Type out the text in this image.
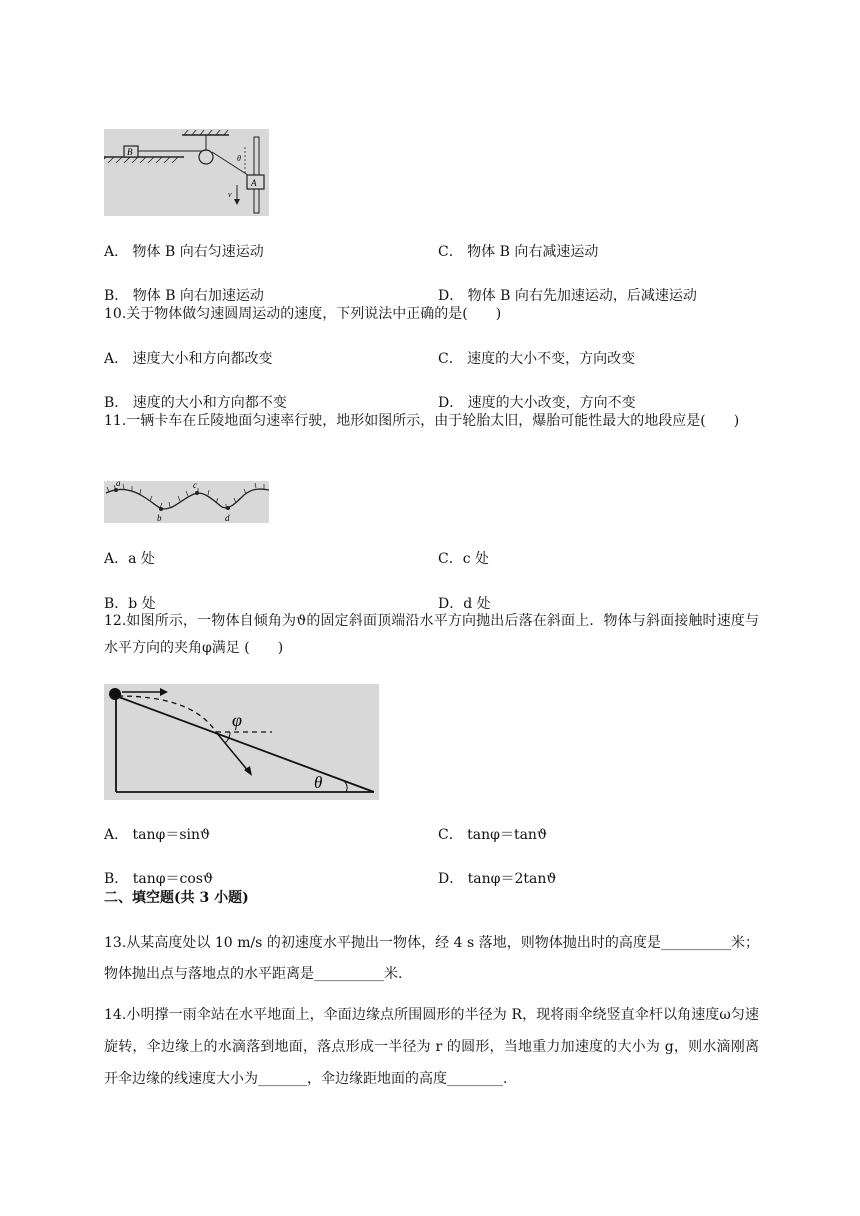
B
A
θ
v
A． 物体 B 向右匀速运动	C． 物体 B 向右减速运动
B． 物体 B 向右加速运动	D． 物体 B 向右先加速运动，后减速运动
10.关于物体做匀速圆周运动的速度，下列说法中正确的是(　　)
A． 速度大小和方向都改变	C． 速度的大小不变，方向改变
B． 速度的大小和方向都不变	D． 速度的大小改变，方向不变
11.一辆卡车在丘陵地面匀速率行驶，地形如图所示，由于轮胎太旧，爆胎可能性最大的地段应是(　　)
a
b
c
d
A．a 处	C．c 处
B．b 处	D．d 处
12.如图所示，一物体自倾角为ϑ的固定斜面顶端沿水平方向抛出后落在斜面上．物体与斜面接触时速度与水平方向的夹角φ满足 (　　)
φ
θ
A． tanφ＝sinϑ	C． tanφ＝tanϑ
B． tanφ＝cosϑ	D． tanφ＝2tanϑ
二、填空题(共 3 小题)
13.从某高度处以 10 m/s 的初速度水平抛出一物体，经 4 s 落地，则物体抛出时的高度是__________米；物体抛出点与落地点的水平距离是__________米.
14.小明撑一雨伞站在水平地面上，伞面边缘点所围圆形的半径为 R，现将雨伞绕竖直伞杆以角速度ω匀速旋转，伞边缘上的水滴落到地面，落点形成一半径为 r 的圆形，当地重力加速度的大小为 g，则水滴刚离开伞边缘的线速度大小为_______，伞边缘距地面的高度________.
